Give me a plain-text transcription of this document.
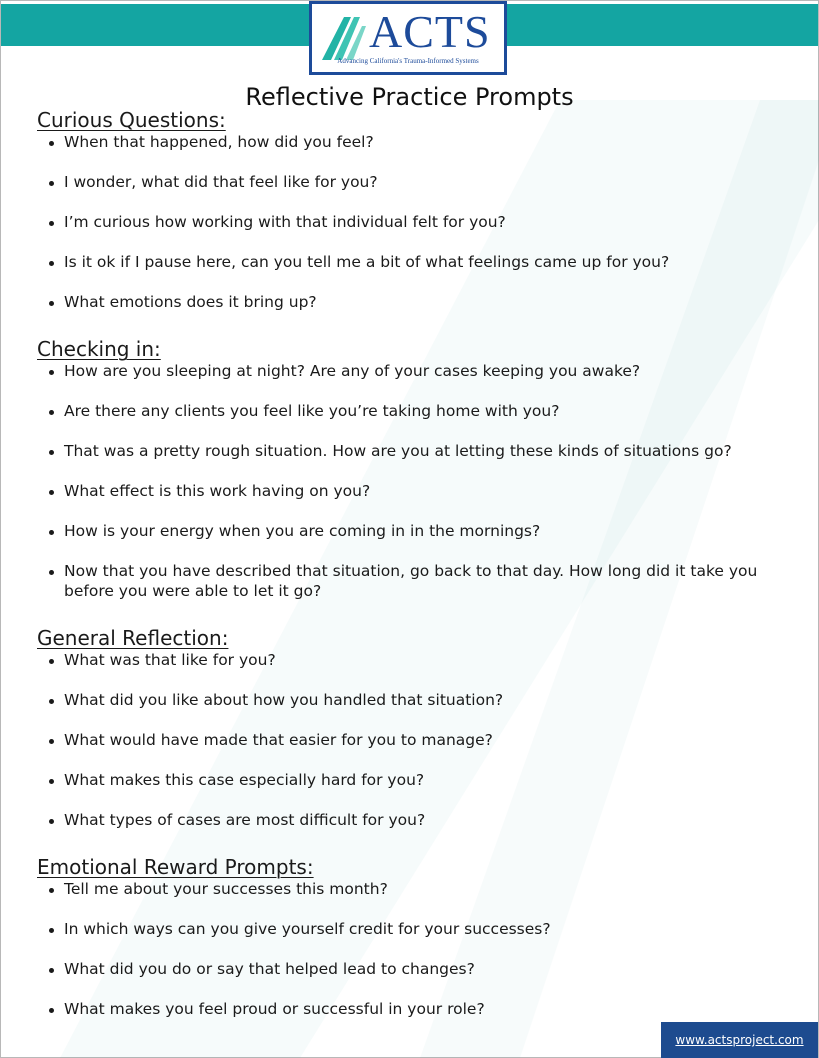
ACTS
Advancing California's Trauma-Informed Systems
Reflective Practice Prompts
Curious Questions:
When that happened, how did you feel?
I wonder, what did that feel like for you?
I’m curious how working with that individual felt for you?
Is it ok if I pause here, can you tell me a bit of what feelings came up for you?
What emotions does it bring up?
Checking in:
How are you sleeping at night? Are any of your cases keeping you awake?
Are there any clients you feel like you’re taking home with you?
That was a pretty rough situation. How are you at letting these kinds of situations go?
What effect is this work having on you?
How is your energy when you are coming in in the mornings?
Now that you have described that situation, go back to that day. How long did it take you before you were able to let it go?
General Reflection:
What was that like for you?
What did you like about how you handled that situation?
What would have made that easier for you to manage?
What makes this case especially hard for you?
What types of cases are most difficult for you?
Emotional Reward Prompts:
Tell me about your successes this month?
In which ways can you give yourself credit for your successes?
What did you do or say that helped lead to changes?
What makes you feel proud or successful in your role?
www.actsproject.com
